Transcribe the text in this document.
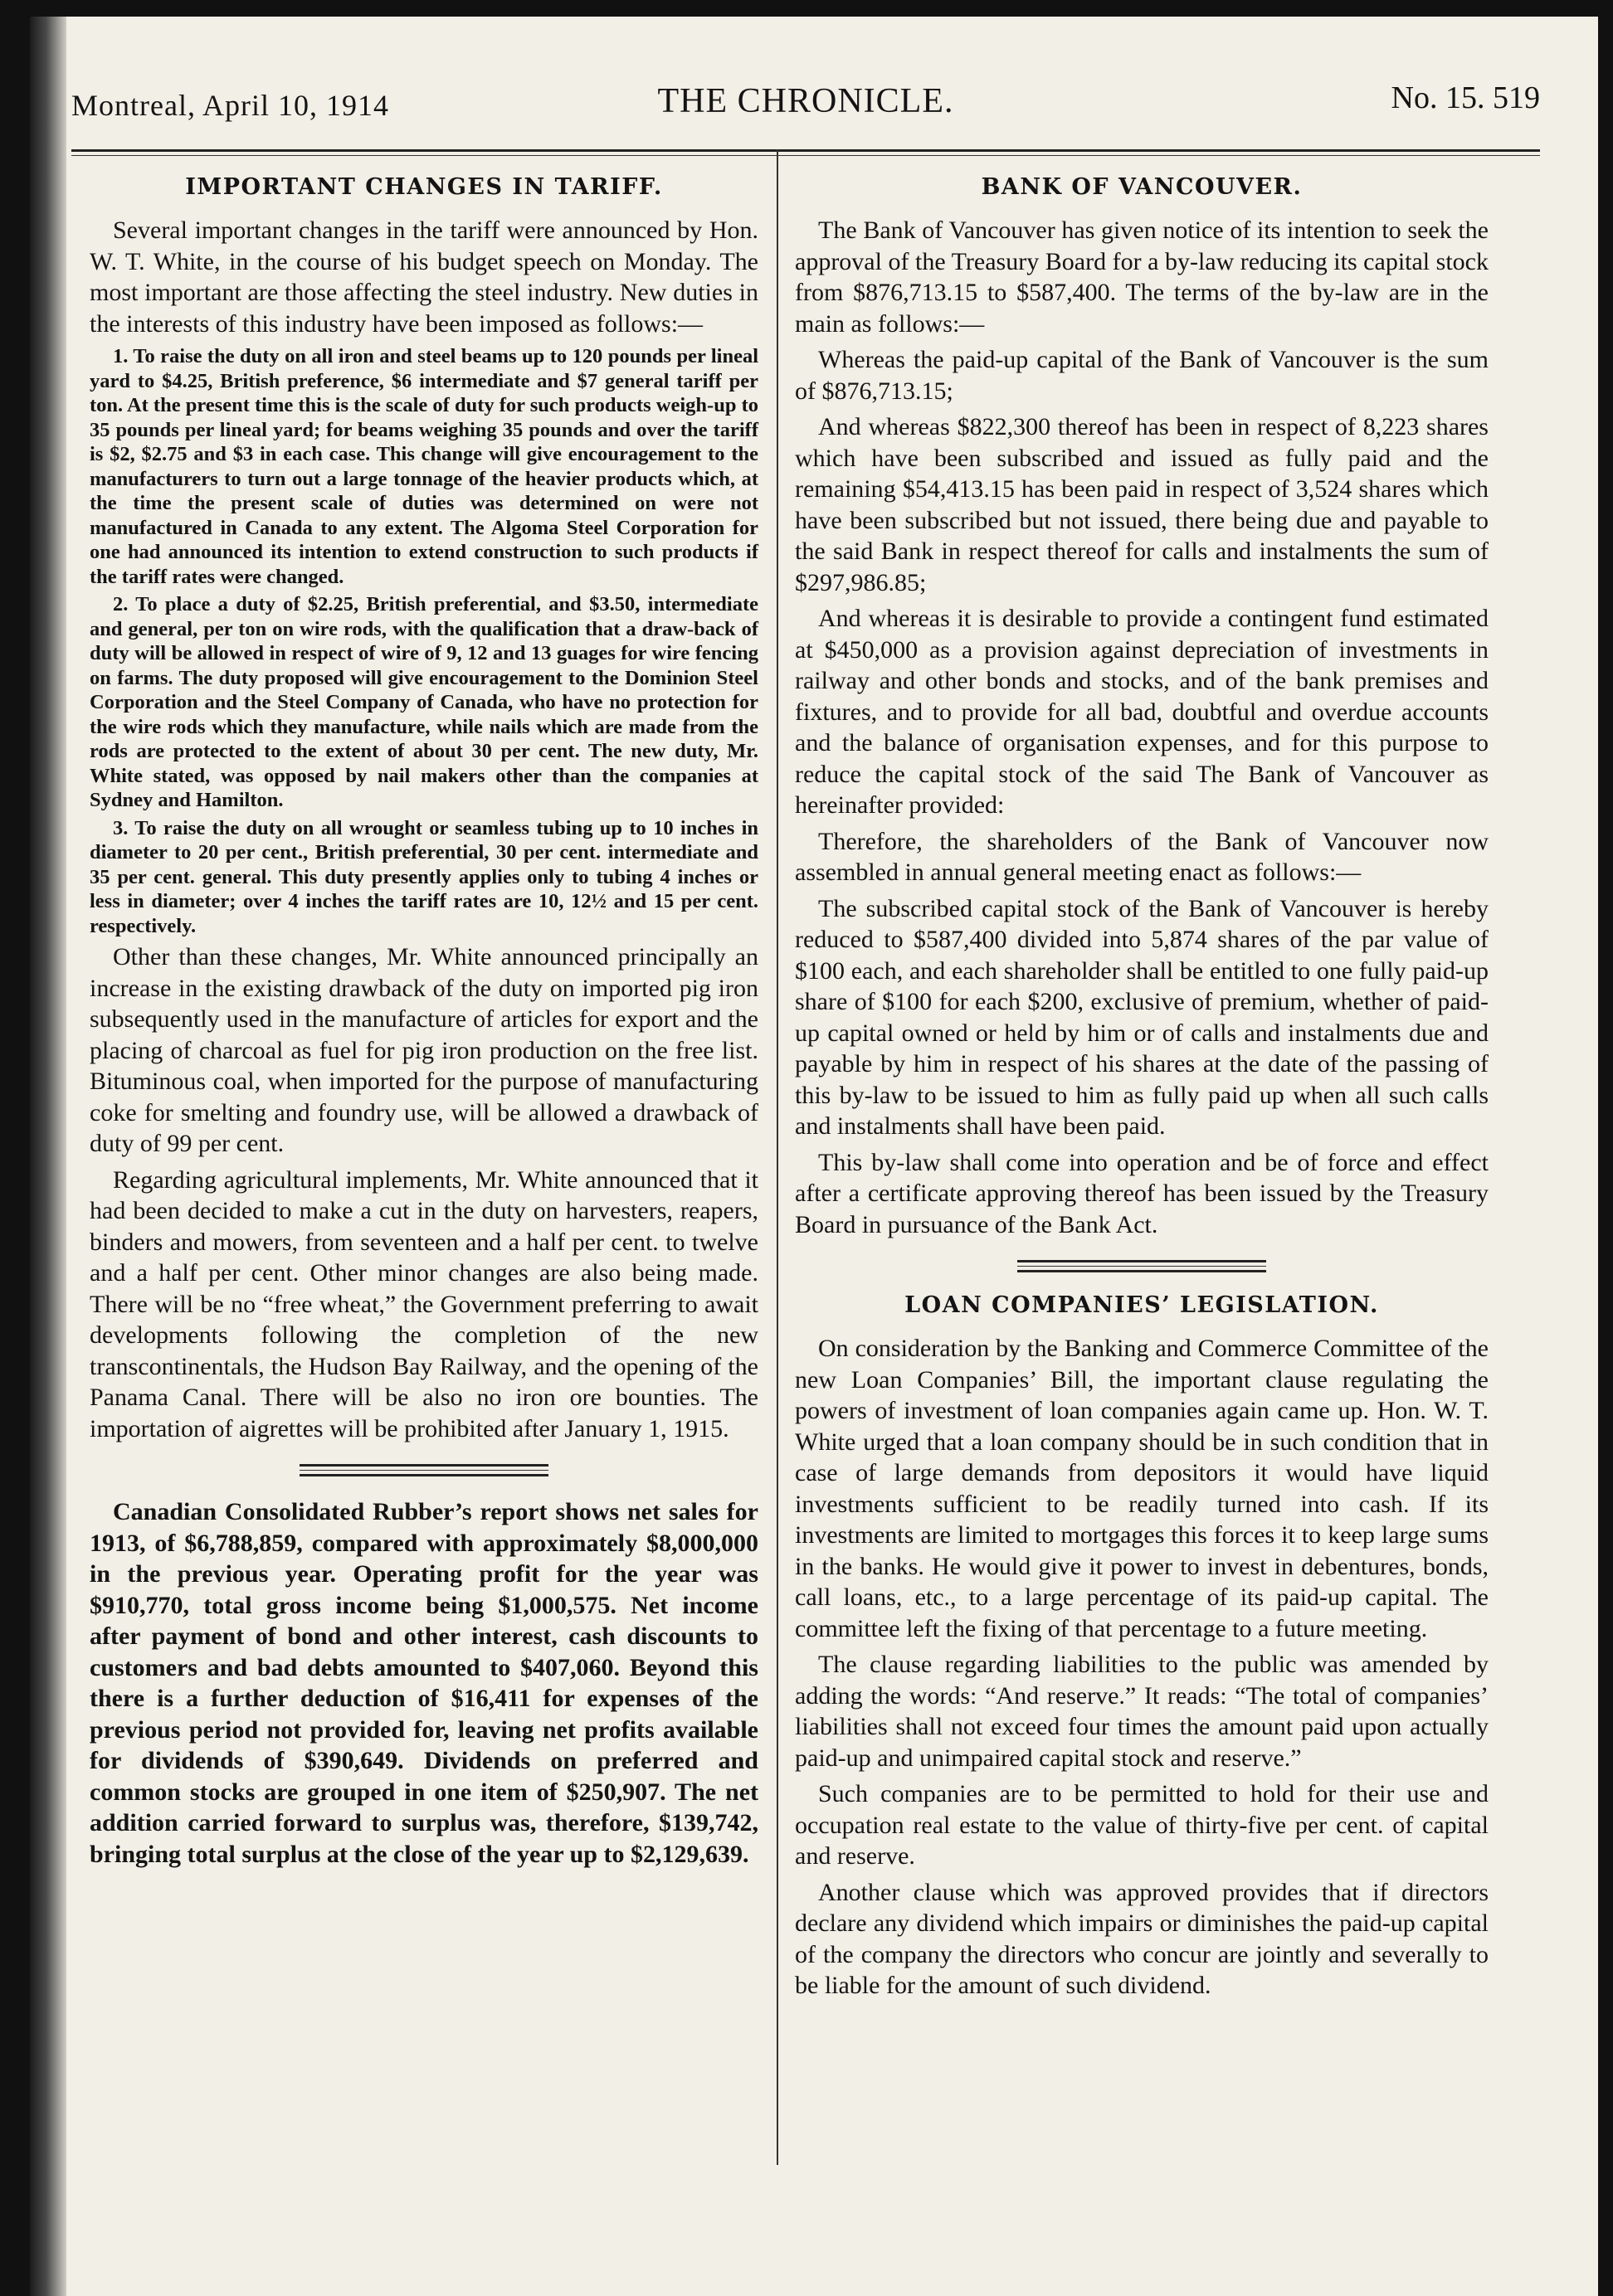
Montreal, April 10, 1914	THE CHRONICLE.	No. 15. 519
IMPORTANT CHANGES IN TARIFF.

Several important changes in the tariff were announced by Hon. W. T. White, in the course of his budget speech on Monday. The most important are those affecting the steel industry. New duties in the interests of this industry have been imposed as follows:—

1. To raise the duty on all iron and steel beams up to 120 pounds per lineal yard to $4.25, British preference, $6 intermediate and $7 general tariff per ton. At the present time this is the scale of duty for such products weigh-up to 35 pounds per lineal yard; for beams weighing 35 pounds and over the tariff is $2, $2.75 and $3 in each case. This change will give encouragement to the manufacturers to turn out a large tonnage of the heavier products which, at the time the present scale of duties was determined on were not manufactured in Canada to any extent. The Algoma Steel Corporation for one had announced its intention to extend construction to such products if the tariff rates were changed.

2. To place a duty of $2.25, British preferential, and $3.50, intermediate and general, per ton on wire rods, with the qualification that a draw-back of duty will be allowed in respect of wire of 9, 12 and 13 guages for wire fencing on farms. The duty proposed will give encouragement to the Dominion Steel Corporation and the Steel Company of Canada, who have no protection for the wire rods which they manufacture, while nails which are made from the rods are protected to the extent of about 30 per cent. The new duty, Mr. White stated, was opposed by nail makers other than the companies at Sydney and Hamilton.

3. To raise the duty on all wrought or seamless tubing up to 10 inches in diameter to 20 per cent., British preferential, 30 per cent. intermediate and 35 per cent. general. This duty presently applies only to tubing 4 inches or less in diameter; over 4 inches the tariff rates are 10, 12½ and 15 per cent. respectively.

Other than these changes, Mr. White announced principally an increase in the existing drawback of the duty on imported pig iron subsequently used in the manufacture of articles for export and the placing of charcoal as fuel for pig iron production on the free list. Bituminous coal, when imported for the purpose of manufacturing coke for smelting and foundry use, will be allowed a drawback of duty of 99 per cent.

Regarding agricultural implements, Mr. White announced that it had been decided to make a cut in the duty on harvesters, reapers, binders and mowers, from seventeen and a half per cent. to twelve and a half per cent. Other minor changes are also being made. There will be no “free wheat,” the Government preferring to await developments following the completion of the new transcontinentals, the Hudson Bay Railway, and the opening of the Panama Canal. There will be also no iron ore bounties. The importation of aigrettes will be prohibited after January 1, 1915.

Canadian Consolidated Rubber’s report shows net sales for 1913, of $6,788,859, compared with approximately $8,000,000 in the previous year. Operating profit for the year was $910,770, total gross income being $1,000,575. Net income after payment of bond and other interest, cash discounts to customers and bad debts amounted to $407,060. Beyond this there is a further deduction of $16,411 for expenses of the previous period not provided for, leaving net profits available for dividends of $390,649. Dividends on preferred and common stocks are grouped in one item of $250,907. The net addition carried forward to surplus was, therefore, $139,742, bringing total surplus at the close of the year up to $2,129,639.

BANK OF VANCOUVER.

The Bank of Vancouver has given notice of its intention to seek the approval of the Treasury Board for a by-law reducing its capital stock from $876,713.15 to $587,400. The terms of the by-law are in the main as follows:—

Whereas the paid-up capital of the Bank of Vancouver is the sum of $876,713.15;

And whereas $822,300 thereof has been in respect of 8,223 shares which have been subscribed and issued as fully paid and the remaining $54,413.15 has been paid in respect of 3,524 shares which have been subscribed but not issued, there being due and payable to the said Bank in respect thereof for calls and instalments the sum of $297,986.85;

And whereas it is desirable to provide a contingent fund estimated at $450,000 as a provision against depreciation of investments in railway and other bonds and stocks, and of the bank premises and fixtures, and to provide for all bad, doubtful and overdue accounts and the balance of organisation expenses, and for this purpose to reduce the capital stock of the said The Bank of Vancouver as hereinafter provided:

Therefore, the shareholders of the Bank of Vancouver now assembled in annual general meeting enact as follows:—

The subscribed capital stock of the Bank of Vancouver is hereby reduced to $587,400 divided into 5,874 shares of the par value of $100 each, and each shareholder shall be entitled to one fully paid-up share of $100 for each $200, exclusive of premium, whether of paid-up capital owned or held by him or of calls and instalments due and payable by him in respect of his shares at the date of the passing of this by-law to be issued to him as fully paid up when all such calls and instalments shall have been paid.

This by-law shall come into operation and be of force and effect after a certificate approving thereof has been issued by the Treasury Board in pursuance of the Bank Act.

LOAN COMPANIES’ LEGISLATION.

On consideration by the Banking and Commerce Committee of the new Loan Companies’ Bill, the important clause regulating the powers of investment of loan companies again came up. Hon. W. T. White urged that a loan company should be in such condition that in case of large demands from depositors it would have liquid investments sufficient to be readily turned into cash. If its investments are limited to mortgages this forces it to keep large sums in the banks. He would give it power to invest in debentures, bonds, call loans, etc., to a large percentage of its paid-up capital. The committee left the fixing of that percentage to a future meeting.

The clause regarding liabilities to the public was amended by adding the words: “And reserve.” It reads: “The total of companies’ liabilities shall not exceed four times the amount paid upon actually paid-up and unimpaired capital stock and reserve.”

Such companies are to be permitted to hold for their use and occupation real estate to the value of thirty-five per cent. of capital and reserve.

Another clause which was approved provides that if directors declare any dividend which impairs or diminishes the paid-up capital of the company the directors who concur are jointly and severally to be liable for the amount of such dividend.
